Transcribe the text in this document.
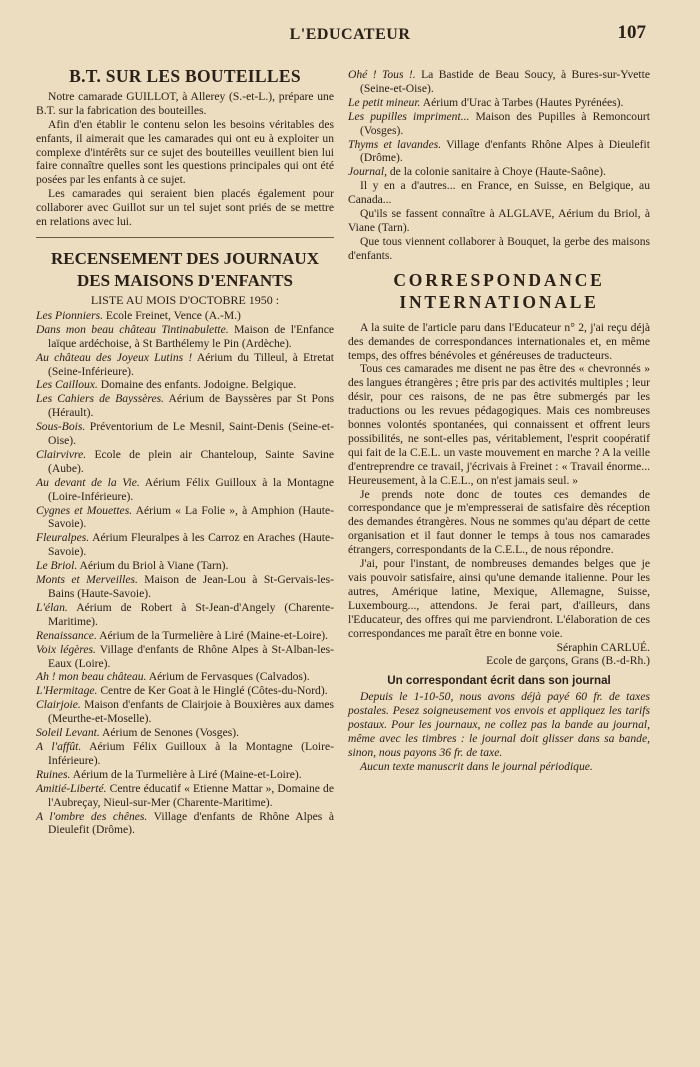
L'EDUCATEUR	107
B.T. SUR LES BOUTEILLES

Notre camarade GUILLOT, à Allerey (S.-et-L.), prépare une B.T. sur la fabrication des bouteilles.

Afin d'en établir le contenu selon les besoins véritables des enfants, il aimerait que les camarades qui ont eu à exploiter un complexe d'intérêts sur ce sujet des bouteilles veuillent bien lui faire connaître quelles sont les questions principales qui ont été posées par les enfants à ce sujet.

Les camarades qui seraient bien placés également pour collaborer avec Guillot sur un tel sujet sont priés de se mettre en relations avec lui.

RECENSEMENT DES JOURNAUX
DES MAISONS D'ENFANTS
LISTE AU MOIS D'OCTOBRE 1950 :

Les Pionniers. Ecole Freinet, Vence (A.-M.)

Dans mon beau château Tintinabulette. Maison de l'Enfance laïque ardéchoise, à St Barthélemy le Pin (Ardèche).

Au château des Joyeux Lutins ! Aérium du Tilleul, à Etretat (Seine-Inférieure).

Les Cailloux. Domaine des enfants. Jodoigne. Belgique.

Les Cahiers de Bayssères. Aérium de Bayssères par St Pons (Hérault).

Sous-Bois. Préventorium de Le Mesnil, Saint-Denis (Seine-et-Oise).

Clairvivre. Ecole de plein air Chanteloup, Sainte Savine (Aube).

Au devant de la Vie. Aérium Félix Guilloux à la Montagne (Loire-Inférieure).

Cygnes et Mouettes. Aérium « La Folie », à Amphion (Haute-Savoie).

Fleuralpes. Aérium Fleuralpes à les Carroz en Araches (Haute-Savoie).

Le Briol. Aérium du Briol à Viane (Tarn).

Monts et Merveilles. Maison de Jean-Lou à St-Gervais-les-Bains (Haute-Savoie).

L'élan. Aérium de Robert à St-Jean-d'Angely (Charente-Maritime).

Renaissance. Aérium de la Turmelière à Liré (Maine-et-Loire).

Voix légères. Village d'enfants de Rhône Alpes à St-Alban-les-Eaux (Loire).

Ah ! mon beau château. Aérium de Fervasques (Calvados).

L'Hermitage. Centre de Ker Goat à le Hinglé (Côtes-du-Nord).

Clairjoie. Maison d'enfants de Clairjoie à Bouxières aux dames (Meurthe-et-Moselle).

Soleil Levant. Aérium de Senones (Vosges).

A l'affût. Aérium Félix Guilloux à la Montagne (Loire-Inférieure).

Ruines. Aérium de la Turmelière à Liré (Maine-et-Loire).

Amitié-Liberté. Centre éducatif « Etienne Mattar », Domaine de l'Aubreçay, Nieul-sur-Mer (Charente-Maritime).

A l'ombre des chênes. Village d'enfants de Rhône Alpes à Dieulefit (Drôme).

Ohé ! Tous !. La Bastide de Beau Soucy, à Bures-sur-Yvette (Seine-et-Oise).

Le petit mineur. Aérium d'Urac à Tarbes (Hautes Pyrénées).

Les pupilles impriment... Maison des Pupilles à Remoncourt (Vosges).

Thyms et lavandes. Village d'enfants Rhône Alpes à Dieulefit (Drôme).

Journal, de la colonie sanitaire à Choye (Haute-Saône).

Il y en a d'autres... en France, en Suisse, en Belgique, au Canada...

Qu'ils se fassent connaître à ALGLAVE, Aérium du Briol, à Viane (Tarn).

Que tous viennent collaborer à Bouquet, la gerbe des maisons d'enfants.

CORRESPONDANCE
INTERNATIONALE

A la suite de l'article paru dans l'Educateur n° 2, j'ai reçu déjà des demandes de correspondances internationales et, en même temps, des offres bénévoles et généreuses de traducteurs.

Tous ces camarades me disent ne pas être des « chevronnés » des langues étrangères ; être pris par des activités multiples ; leur désir, pour ces raisons, de ne pas être submergés par les traductions ou les revues pédagogiques. Mais ces nombreuses bonnes volontés spontanées, qui connaissent et offrent leurs possibilités, ne sont-elles pas, véritablement, l'esprit coopératif qui fait de la C.E.L. un vaste mouvement en marche ? A la veille d'entreprendre ce travail, j'écrivais à Freinet : « Travail énorme... Heureusement, à la C.E.L., on n'est jamais seul. »

Je prends note donc de toutes ces demandes de correspondance que je m'empresserai de satisfaire dès réception des demandes étrangères. Nous ne sommes qu'au départ de cette organisation et il faut donner le temps à tous nos camarades étrangers, correspondants de la C.E.L., de nous répondre.

J'ai, pour l'instant, de nombreuses demandes belges que je vais pouvoir satisfaire, ainsi qu'une demande italienne. Pour les autres, Amérique latine, Mexique, Allemagne, Suisse, Luxembourg..., attendons. Je ferai part, d'ailleurs, dans l'Educateur, des offres qui me parviendront. L'élaboration de ces correspondances me paraît être en bonne voie.

Séraphin CARLUÉ.

Ecole de garçons, Grans (B.-d-Rh.)

Un correspondant écrit dans son journal

Depuis le 1-10-50, nous avons déjà payé 60 fr. de taxes postales. Pesez soigneusement vos envois et appliquez les tarifs postaux. Pour les journaux, ne collez pas la bande au journal, même avec les timbres : le journal doit glisser dans sa bande, sinon, nous payons 36 fr. de taxe.

Aucun texte manuscrit dans le journal périodique.
